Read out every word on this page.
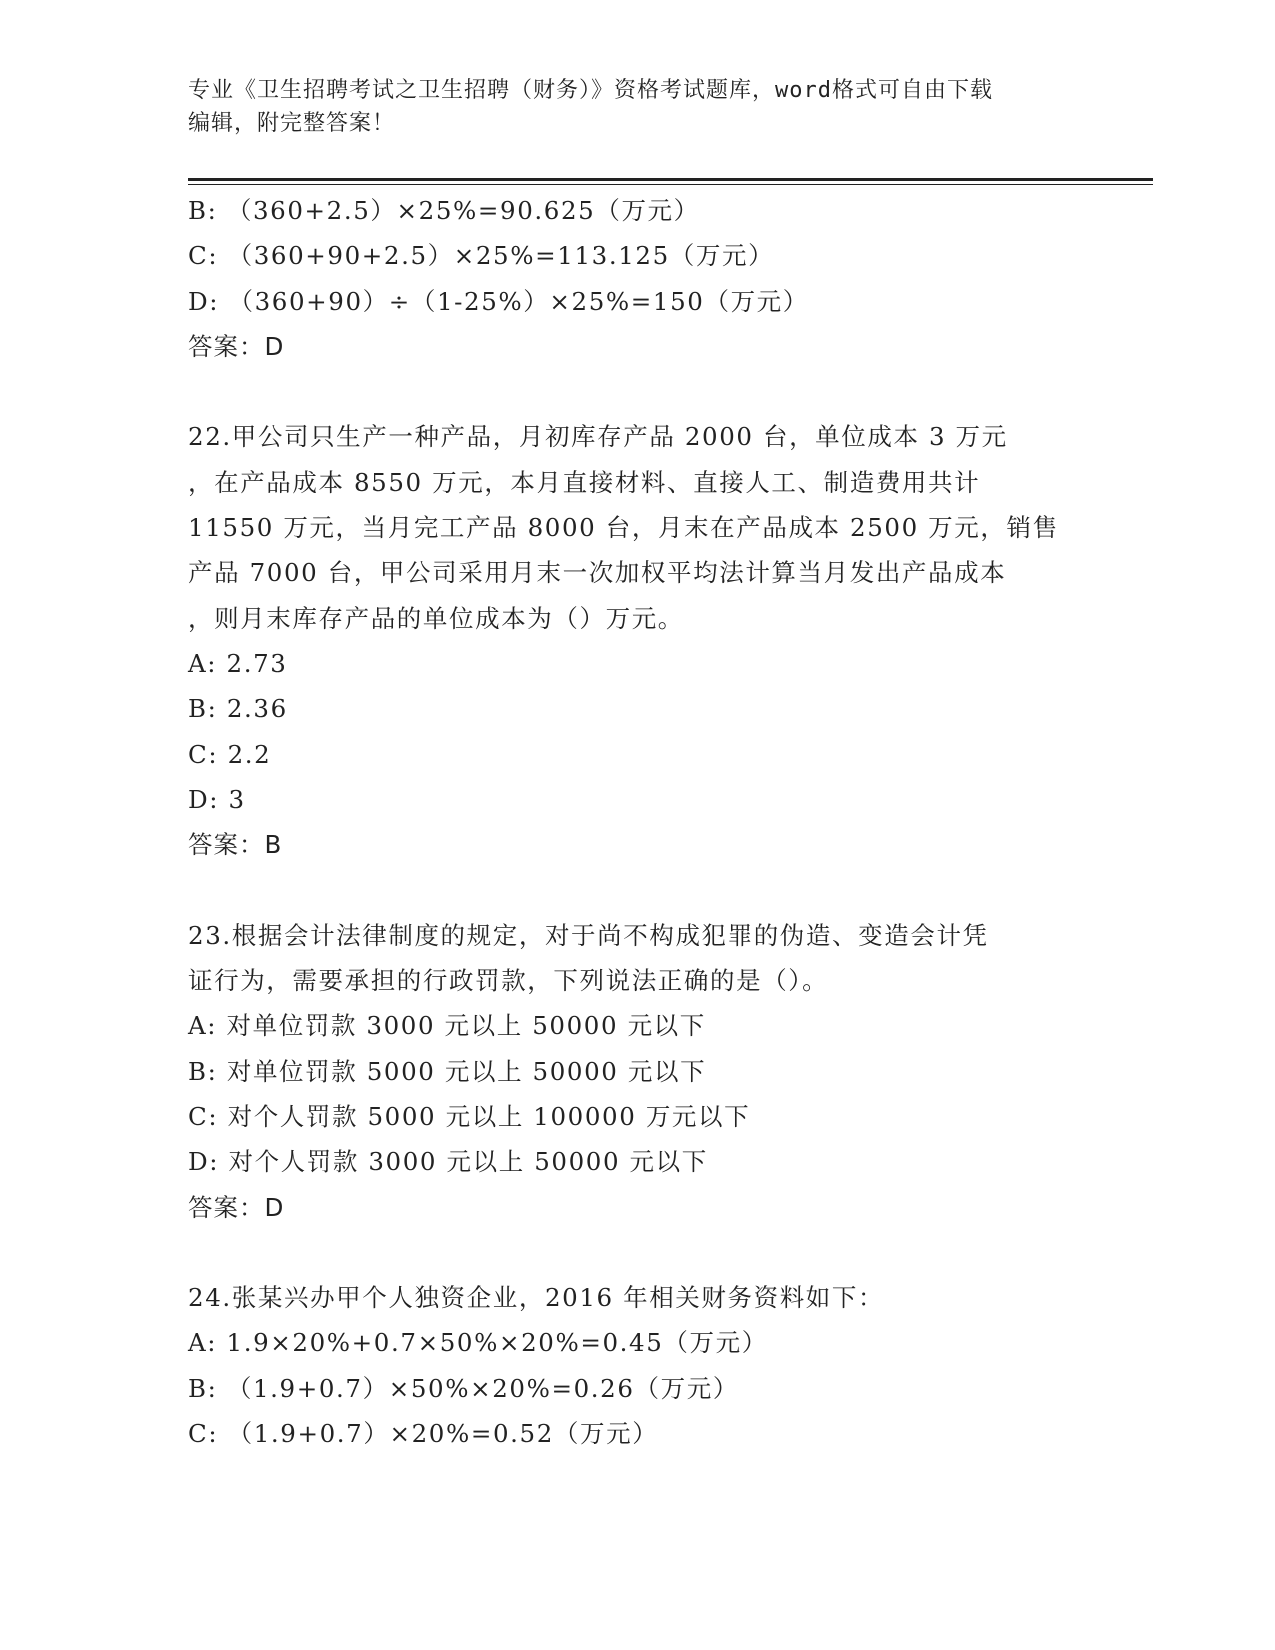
专业《卫生招聘考试之卫生招聘（财务）》资格考试题库，word格式可自由下载
编辑，附完整答案！
B: （360+2.5）×25%=90.625（万元）
C: （360+90+2.5）×25%=113.125（万元）
D: （360+90）÷（1-25%）×25%=150（万元）
答案：D
22.甲公司只生产一种产品，月初库存产品 2000 台，单位成本 3 万元
，在产品成本 8550 万元，本月直接材料、直接人工、制造费用共计
11550 万元，当月完工产品 8000 台，月末在产品成本 2500 万元，销售
产品 7000 台，甲公司采用月末一次加权平均法计算当月发出产品成本
，则月末库存产品的单位成本为（）万元。
A: 2.73
B: 2.36
C: 2.2
D: 3
答案：B
23.根据会计法律制度的规定，对于尚不构成犯罪的伪造、变造会计凭
证行为，需要承担的行政罚款，下列说法正确的是（）。
A: 对单位罚款 3000 元以上 50000 元以下
B: 对单位罚款 5000 元以上 50000 元以下
C: 对个人罚款 5000 元以上 100000 万元以下
D: 对个人罚款 3000 元以上 50000 元以下
答案：D
24.张某兴办甲个人独资企业，2016 年相关财务资料如下：
A: 1.9×20%+0.7×50%×20%=0.45（万元）
B: （1.9+0.7）×50%×20%=0.26（万元）
C: （1.9+0.7）×20%=0.52（万元）
